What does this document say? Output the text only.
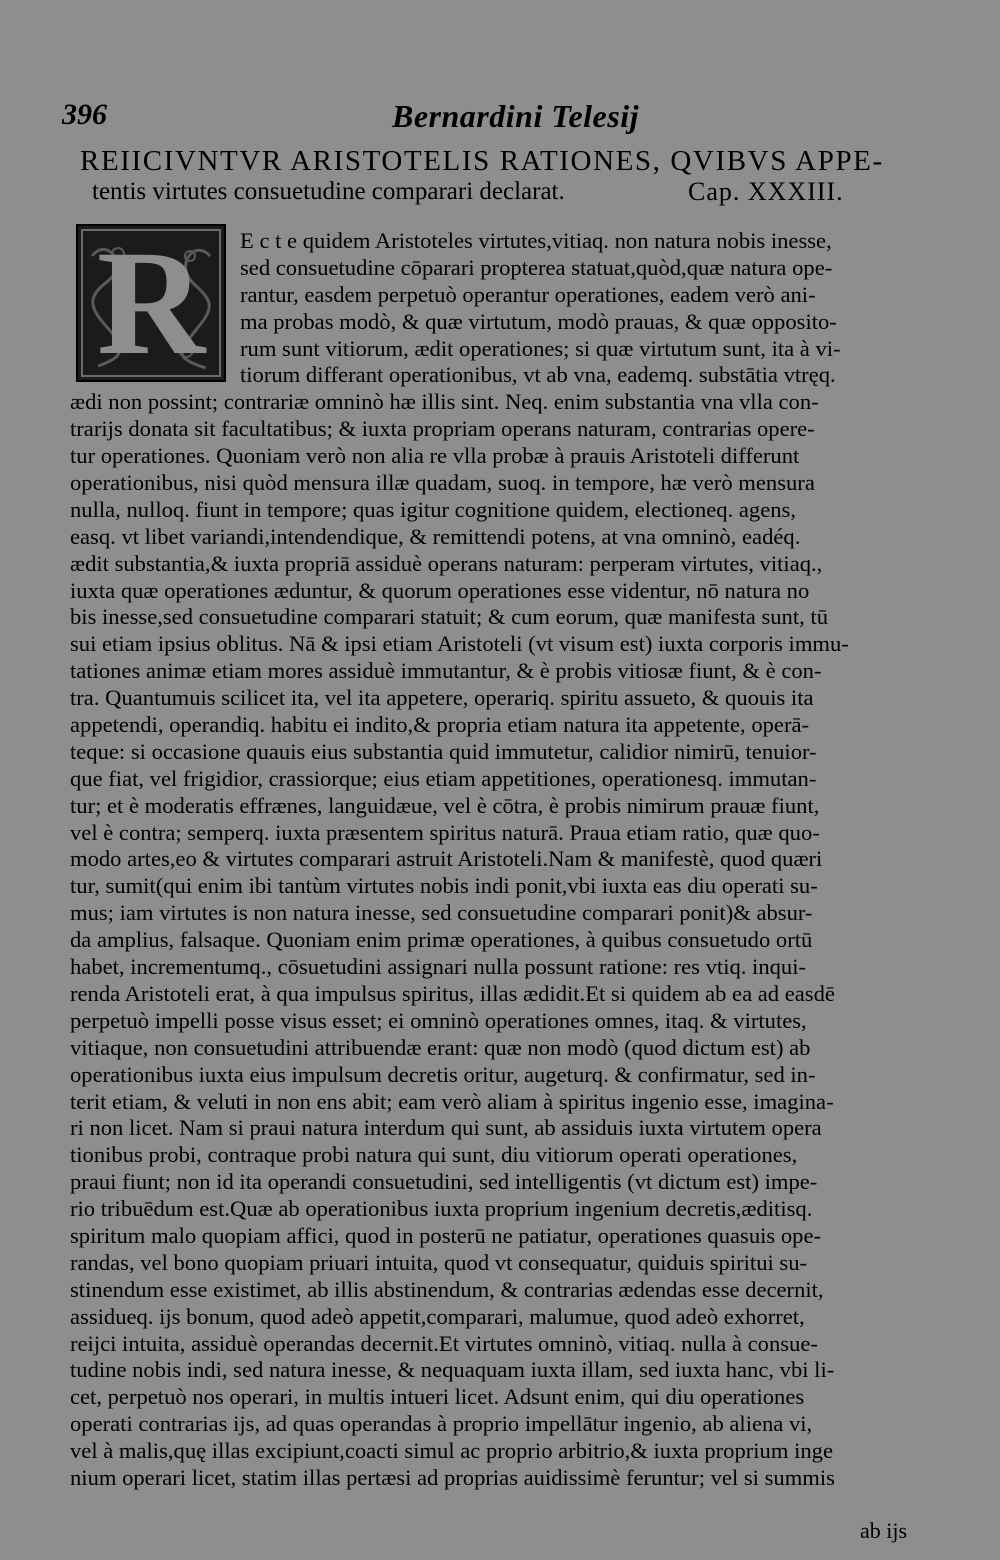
396	Bernardini Telesij
REIICIVNTVR ARISTOTELIS RATIONES, QVIBVS APPE-
tentis virtutes consuetudine comparari declarat.	Cap. XXXIII.
R	E c t e quidem Aristoteles virtutes,vitiaq. non natura nobis inesse,
sed consuetudine cōparari propterea statuat,quòd,quæ natura ope-
rantur, easdem perpetuò operantur operationes, eadem verò ani-
ma probas modò, & quæ virtutum, modò prauas, & quæ opposito-
rum sunt vitiorum, ædit operationes; si quæ virtutum sunt, ita à vi-
tiorum differant operationibus, vt ab vna, eademq. substātia vtręq.
ædi non possint; contrariæ omninò hæ illis sint. Neq. enim substantia vna vlla con-
trarijs donata sit facultatibus; & iuxta propriam operans naturam, contrarias opere-
tur operationes. Quoniam verò non alia re vlla probæ à prauis Aristoteli differunt
operationibus, nisi quòd mensura illæ quadam, suoq. in tempore, hæ verò mensura
nulla, nulloq. fiunt in tempore; quas igitur cognitione quidem, electioneq. agens,
easq. vt libet variandi,intendendique, & remittendi potens, at vna omninò, eadéq.
ædit substantia,& iuxta propriā assiduè operans naturam: perperam virtutes, vitiaq.,
iuxta quæ operationes æduntur, & quorum operationes esse videntur, nō natura no
bis inesse,sed consuetudine comparari statuit; & cum eorum, quæ manifesta sunt, tū
sui etiam ipsius oblitus. Nā & ipsi etiam Aristoteli (vt visum est) iuxta corporis immu-
tationes animæ etiam mores assiduè immutantur, & è probis vitiosæ fiunt, & è con-
tra. Quantumuis scilicet ita, vel ita appetere, operariq. spiritu assueto, & quouis ita
appetendi, operandiq. habitu ei indito,& propria etiam natura ita appetente, operā-
teque: si occasione quauis eius substantia quid immutetur, calidior nimirū, tenuior-
que fiat, vel frigidior, crassiorque; eius etiam appetitiones, operationesq. immutan-
tur; et è moderatis effrænes, languidæue, vel è cōtra, è probis nimirum prauæ fiunt,
vel è contra; semperq. iuxta præsentem spiritus naturā. Praua etiam ratio, quæ quo-
modo artes,eo & virtutes comparari astruit Aristoteli.Nam & manifestè, quod quæri
tur, sumit(qui enim ibi tantùm virtutes nobis indi ponit,vbi iuxta eas diu operati su-
mus; iam virtutes is non natura inesse, sed consuetudine comparari ponit)& absur-
da amplius, falsaque. Quoniam enim primæ operationes, à quibus consuetudo ortū
habet, incrementumq., cōsuetudini assignari nulla possunt ratione: res vtiq. inqui-
renda Aristoteli erat, à qua impulsus spiritus, illas ædidit.Et si quidem ab ea ad easdē
perpetuò impelli posse visus esset; ei omninò operationes omnes, itaq. & virtutes,
vitiaque, non consuetudini attribuendæ erant: quæ non modò (quod dictum est) ab
operationibus iuxta eius impulsum decretis oritur, augeturq. & confirmatur, sed in-
terit etiam, & veluti in non ens abit; eam verò aliam à spiritus ingenio esse, imagina-
ri non licet. Nam si praui natura interdum qui sunt, ab assiduis iuxta virtutem opera
tionibus probi, contraque probi natura qui sunt, diu vitiorum operati operationes,
praui fiunt; non id ita operandi consuetudini, sed intelligentis (vt dictum est) impe-
rio tribuēdum est.Quæ ab operationibus iuxta proprium ingenium decretis,æditisq.
spiritum malo quopiam affici, quod in posterū ne patiatur, operationes quasuis ope-
randas, vel bono quopiam priuari intuita, quod vt consequatur, quiduis spiritui su-
stinendum esse existimet, ab illis abstinendum, & contrarias ædendas esse decernit,
assidueq. ijs bonum, quod adeò appetit,comparari, malumue, quod adeò exhorret,
reijci intuita, assiduè operandas decernit.Et virtutes omninò, vitiaq. nulla à consue-
tudine nobis indi, sed natura inesse, & nequaquam iuxta illam, sed iuxta hanc, vbi li-
cet, perpetuò nos operari, in multis intueri licet. Adsunt enim, qui diu operationes
operati contrarias ijs, ad quas operandas à proprio impellātur ingenio, ab aliena vi,
vel à malis,quę illas excipiunt,coacti simul ac proprio arbitrio,& iuxta proprium inge
nium operari licet, statim illas pertæsi ad proprias auidissimè feruntur; vel si summis
ab ijs
